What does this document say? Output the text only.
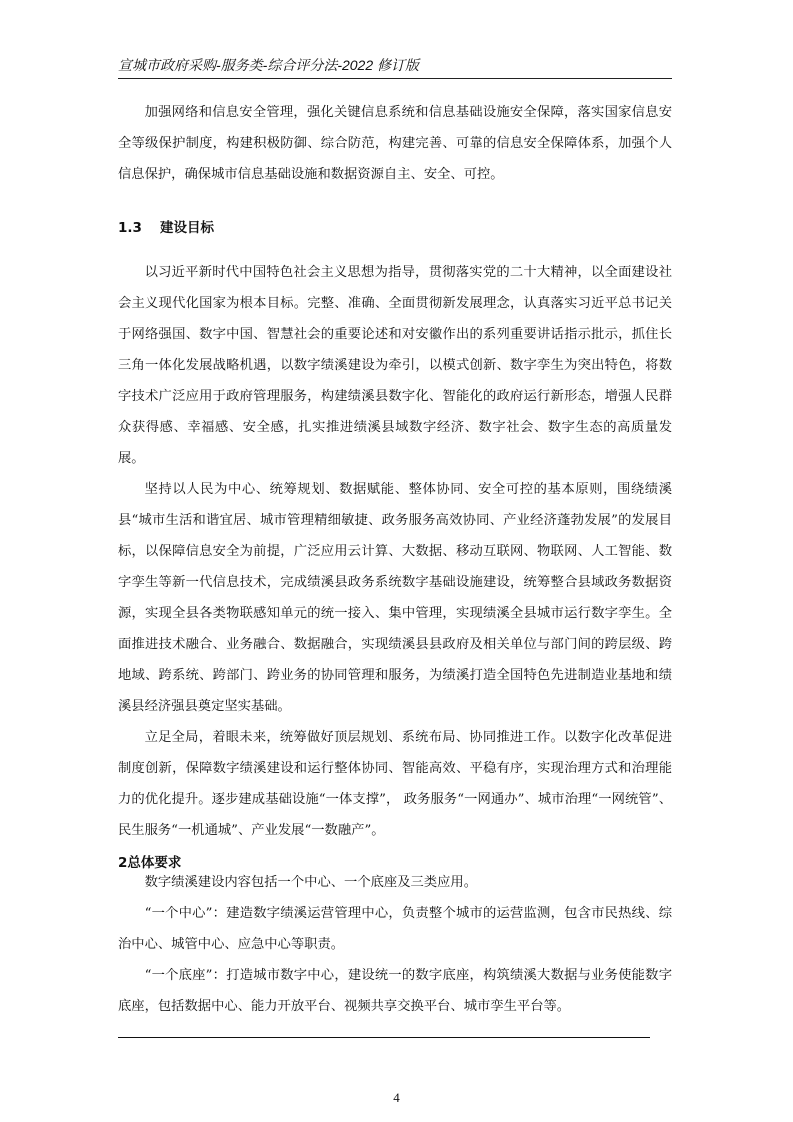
宣城市政府采购-服务类-综合评分法-2022 修订版

加强网络和信息安全管理，强化关键信息系统和信息基础设施安全保障，落实国家信息安全等级保护制度，构建积极防御、综合防范，构建完善、可靠的信息安全保障体系，加强个人信息保护，确保城市信息基础设施和数据资源自主、安全、可控。

1.3 建设目标

以习近平新时代中国特色社会主义思想为指导，贯彻落实党的二十大精神，以全面建设社会主义现代化国家为根本目标。完整、准确、全面贯彻新发展理念，认真落实习近平总书记关于网络强国、数字中国、智慧社会的重要论述和对安徽作出的系列重要讲话指示批示，抓住长三角一体化发展战略机遇，以数字绩溪建设为牵引，以模式创新、数字孪生为突出特色，将数字技术广泛应用于政府管理服务，构建绩溪县数字化、智能化的政府运行新形态，增强人民群众获得感、幸福感、安全感，扎实推进绩溪县域数字经济、数字社会、数字生态的高质量发展。

坚持以人民为中心、统筹规划、数据赋能、整体协同、安全可控的基本原则，围绕绩溪县“城市生活和谐宜居、城市管理精细敏捷、政务服务高效协同、产业经济蓬勃发展”的发展目标，以保障信息安全为前提，广泛应用云计算、大数据、移动互联网、物联网、人工智能、数字孪生等新一代信息技术，完成绩溪县政务系统数字基础设施建设，统筹整合县域政务数据资源，实现全县各类物联感知单元的统一接入、集中管理，实现绩溪全县城市运行数字孪生。全面推进技术融合、业务融合、数据融合，实现绩溪县县政府及相关单位与部门间的跨层级、跨地域、跨系统、跨部门、跨业务的协同管理和服务，为绩溪打造全国特色先进制造业基地和绩溪县经济强县奠定坚实基础。

立足全局，着眼未来，统筹做好顶层规划、系统布局、协同推进工作。以数字化改革促进制度创新，保障数字绩溪建设和运行整体协同、智能高效、平稳有序，实现治理方式和治理能力的优化提升。逐步建成基础设施“一体支撑”， 政务服务“一网通办”、城市治理“一网统管”、民生服务“一机通城”、产业发展“一数融产”。

2总体要求

数字绩溪建设内容包括一个中心、一个底座及三类应用。

“一个中心”：建造数字绩溪运营管理中心，负责整个城市的运营监测，包含市民热线、综治中心、城管中心、应急中心等职责。

“一个底座”：打造城市数字中心，建设统一的数字底座，构筑绩溪大数据与业务使能数字底座，包括数据中心、能力开放平台、视频共享交换平台、城市孪生平台等。

4
